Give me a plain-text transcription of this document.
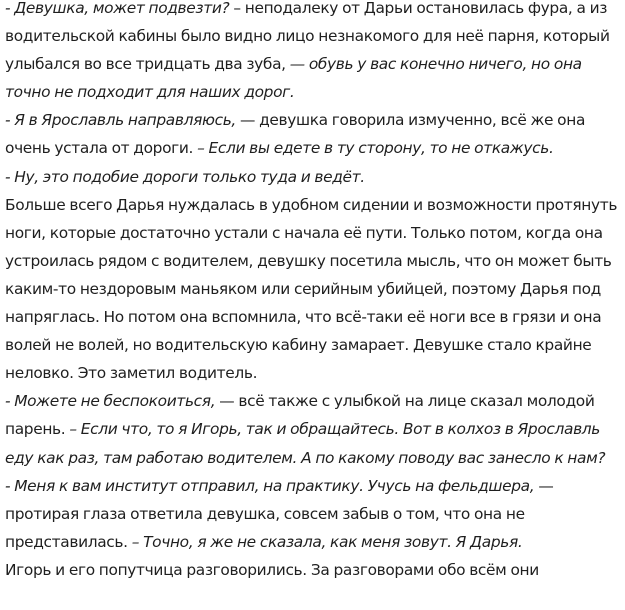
- Девушка, может подвезти? – неподалеку от Дарьи остановилась фура, а из водительской кабины было видно лицо незнакомого для неё парня, который улыбался во все тридцать два зуба, — обувь у вас конечно ничего, но она точно не подходит для наших дорог.
- Я в Ярославль направляюсь, — девушка говорила измученно, всё же она очень устала от дороги. – Если вы едете в ту сторону, то не откажусь.
- Ну, это подобие дороги только туда и ведёт.
Больше всего Дарья нуждалась в удобном сидении и возможности протянуть ноги, которые достаточно устали с начала её пути. Только потом, когда она устроилась рядом с водителем, девушку посетила мысль, что он может быть каким-то нездоровым маньяком или серийным убийцей, поэтому Дарья под напряглась. Но потом она вспомнила, что всё-таки её ноги все в грязи и она волей не волей, но водительскую кабину замарает. Девушке стало крайне неловко. Это заметил водитель.
- Можете не беспокоиться, — всё также с улыбкой на лице сказал молодой парень. – Если что, то я Игорь, так и обращайтесь. Вот в колхоз в Ярославль еду как раз, там работаю водителем. А по какому поводу вас занесло к нам?
- Меня к вам институт отправил, на практику. Учусь на фельдшера, — протирая глаза ответила девушка, совсем забыв о том, что она не представилась. – Точно, я же не сказала, как меня зовут. Я Дарья.
Игорь и его попутчица разговорились. За разговорами обо всём они
